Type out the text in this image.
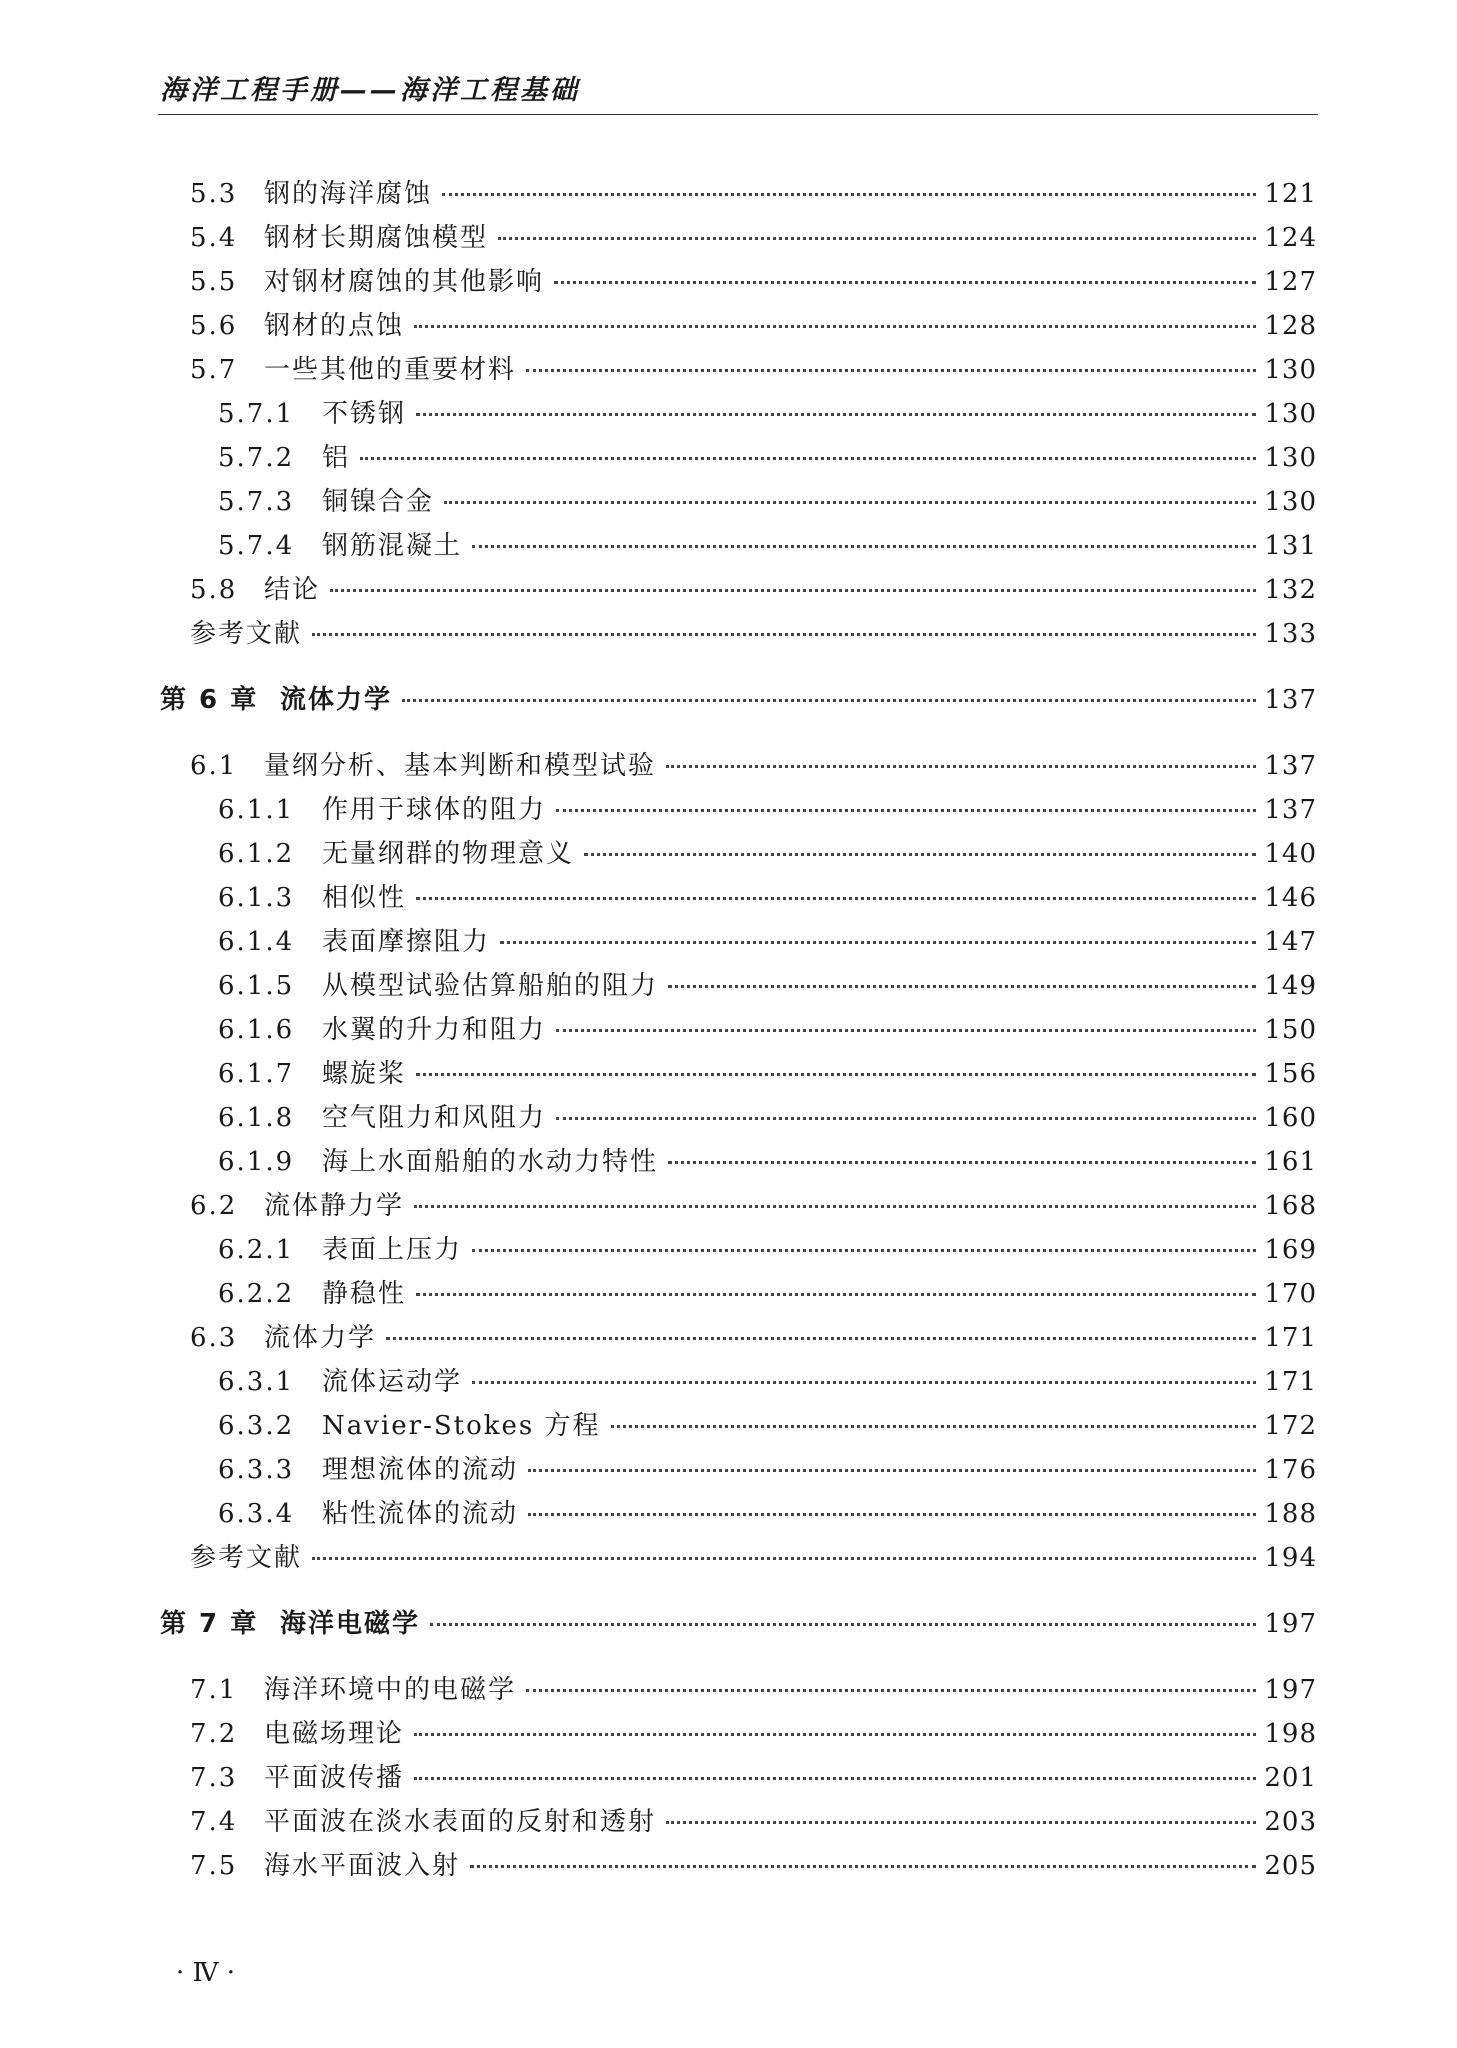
海洋工程手册——海洋工程基础
5.3	钢的海洋腐蚀	121
5.4	钢材长期腐蚀模型	124
5.5	对钢材腐蚀的其他影响	127
5.6	钢材的点蚀	128
5.7	一些其他的重要材料	130
5.7.1	不锈钢	130
5.7.2	铝	130
5.7.3	铜镍合金	130
5.7.4	钢筋混凝土	131
5.8	结论	132
参考文献	133
第 6 章 流体力学	137
6.1	量纲分析、基本判断和模型试验	137
6.1.1	作用于球体的阻力	137
6.1.2	无量纲群的物理意义	140
6.1.3	相似性	146
6.1.4	表面摩擦阻力	147
6.1.5	从模型试验估算船舶的阻力	149
6.1.6	水翼的升力和阻力	150
6.1.7	螺旋桨	156
6.1.8	空气阻力和风阻力	160
6.1.9	海上水面船舶的水动力特性	161
6.2	流体静力学	168
6.2.1	表面上压力	169
6.2.2	静稳性	170
6.3	流体力学	171
6.3.1	流体运动学	171
6.3.2	Navier-Stokes 方程	172
6.3.3	理想流体的流动	176
6.3.4	粘性流体的流动	188
参考文献	194
第 7 章 海洋电磁学	197
7.1	海洋环境中的电磁学	197
7.2	电磁场理论	198
7.3	平面波传播	201
7.4	平面波在淡水表面的反射和透射	203
7.5	海水平面波入射	205
· Ⅳ ·
